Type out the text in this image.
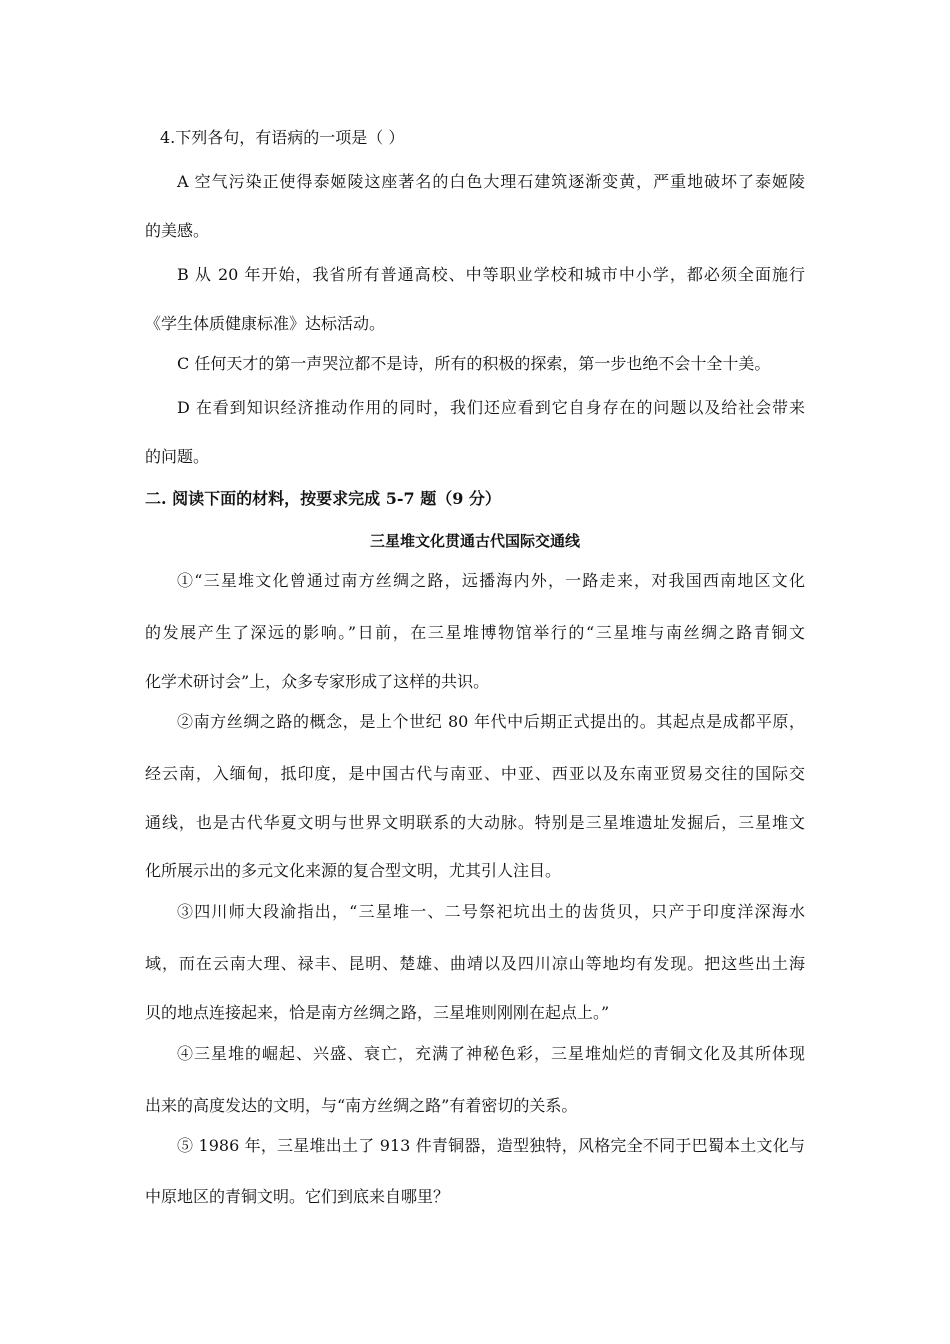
4.下列各句，有语病的一项是（ ）
A 空气污染正使得泰姬陵这座著名的白色大理石建筑逐渐变黄，严重地破坏了泰姬陵
的美感。
B 从 20 年开始，我省所有普通高校、中等职业学校和城市中小学，都必须全面施行
《学生体质健康标准》达标活动。
C 任何天才的第一声哭泣都不是诗，所有的积极的探索，第一步也绝不会十全十美。
D 在看到知识经济推动作用的同时，我们还应看到它自身存在的问题以及给社会带来
的问题。
二. 阅读下面的材料，按要求完成 5-7 题（9 分）
三星堆文化贯通古代国际交通线
①“三星堆文化曾通过南方丝绸之路，远播海内外，一路走来，对我国西南地区文化
的发展产生了深远的影响。”日前，在三星堆博物馆举行的“三星堆与南丝绸之路青铜文
化学术研讨会”上，众多专家形成了这样的共识。
②南方丝绸之路的概念，是上个世纪 80 年代中后期正式提出的。其起点是成都平原，
经云南，入缅甸，抵印度，是中国古代与南亚、中亚、西亚以及东南亚贸易交往的国际交
通线，也是古代华夏文明与世界文明联系的大动脉。特别是三星堆遗址发掘后，三星堆文
化所展示出的多元文化来源的复合型文明，尤其引人注目。
③四川师大段渝指出，“三星堆一、二号祭祀坑出土的齿货贝，只产于印度洋深海水
域，而在云南大理、禄丰、昆明、楚雄、曲靖以及四川凉山等地均有发现。把这些出土海
贝的地点连接起来，恰是南方丝绸之路，三星堆则刚刚在起点上。”
④三星堆的崛起、兴盛、衰亡，充满了神秘色彩，三星堆灿烂的青铜文化及其所体现
出来的高度发达的文明，与“南方丝绸之路”有着密切的关系。
⑤ 1986 年，三星堆出土了 913 件青铜器，造型独特，风格完全不同于巴蜀本土文化与
中原地区的青铜文明。它们到底来自哪里？
